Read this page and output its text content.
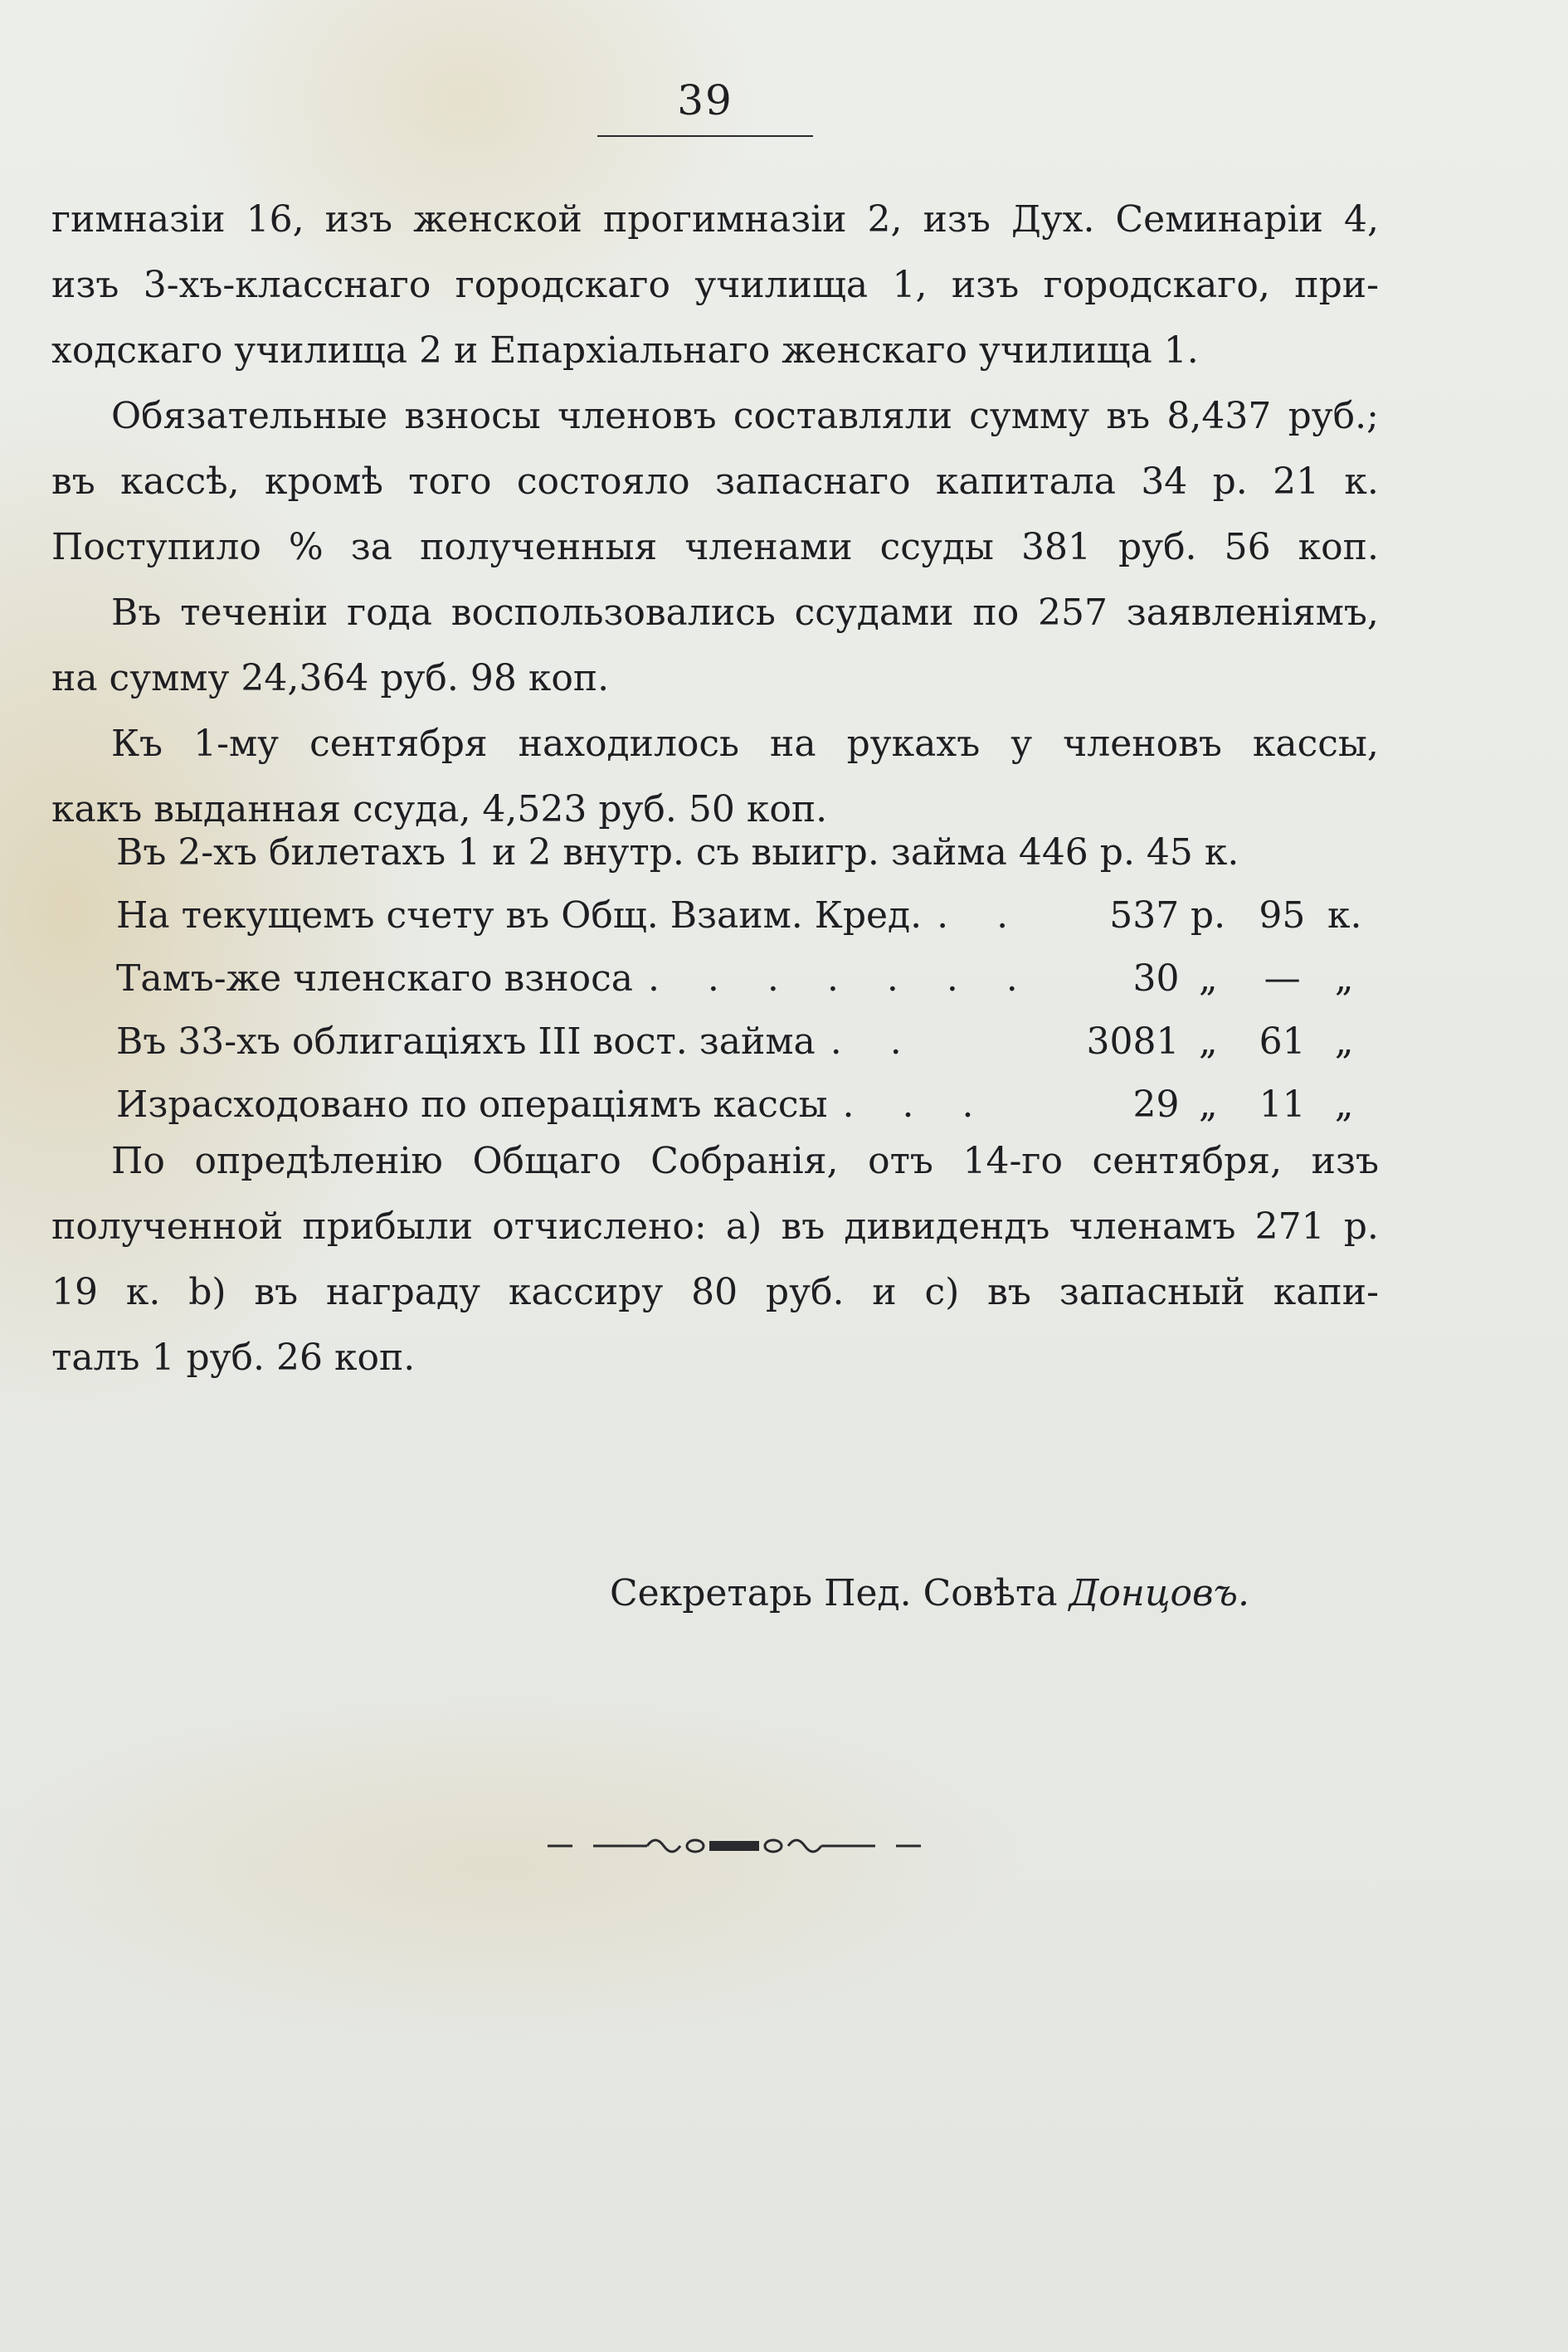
39
гимназіи 16, изъ женской прогимназіи 2, изъ Дух. Семинаріи 4,
изъ 3-хъ-класснаго городскаго училища 1, изъ городскаго, при-
ходскаго училища 2 и Епархіальнаго женскаго училища 1.
Обязательные взносы членовъ составляли сумму въ 8,437 руб.;
въ кассѣ, кромѣ того состояло запаснаго капитала 34 р. 21 к.
Поступило % за полученныя членами ссуды 381 руб. 56 коп.
Въ теченіи года воспользовались ссудами по 257 заявленіямъ,
на сумму 24,364 руб. 98 коп.
Къ 1-му сентября находилось на рукахъ у членовъ кассы,
какъ выданная ссуда, 4,523 руб. 50 коп.
Въ 2-хъ билетахъ 1 и 2 внутр. съ выигр. займа 446 р. 45 к.
На текущемъ счету въ Общ. Взаим. Кред. . .	537 р. 95 к.
Тамъ-же членскаго взноса . . . . . . .	30 „	— „
Въ 33-хъ облигаціяхъ III вост. займа . .	3081 „	61 „
Израсходовано по операціямъ кассы . . .	29 „	11 „
По опредѣленію Общаго Собранія, отъ 14-го сентября, изъ
полученной прибыли отчислено: a) въ дивидендъ членамъ 271 р.
19 к. b) въ награду кассиру 80 руб. и c) въ запасный капи-
талъ 1 руб. 26 коп.
Секретарь Пед. Совѣта Донцовъ.
